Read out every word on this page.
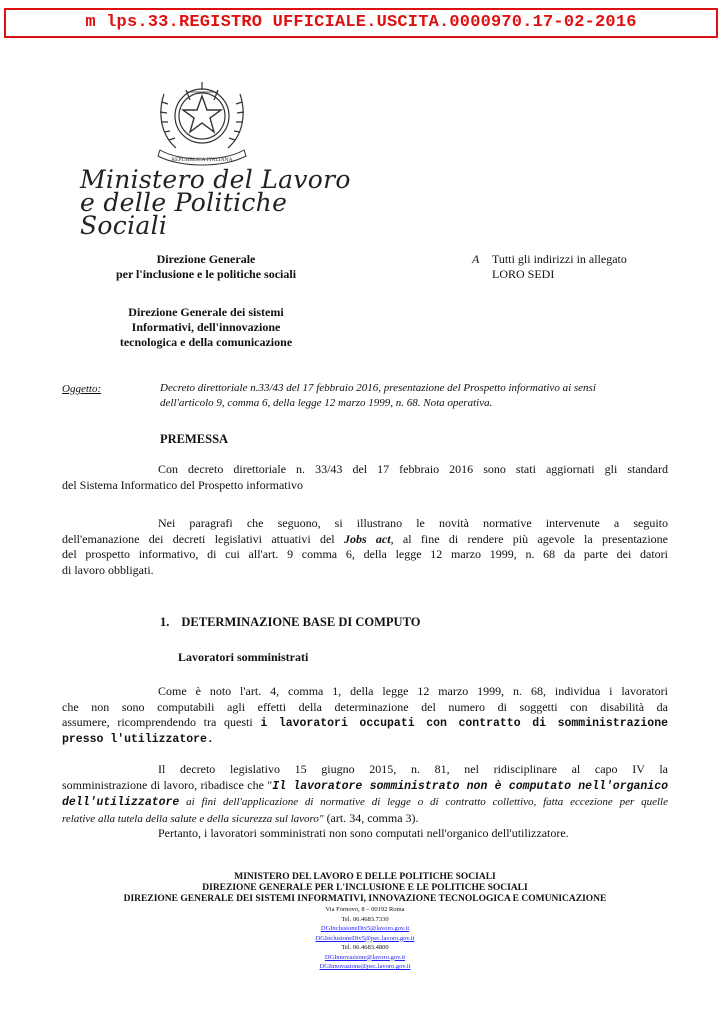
m lps.33.REGISTRO UFFICIALE.USCITA.0000970.17-02-2016
REPUBBLICA ITALIANA
Ministero del Lavoro
e delle Politiche Sociali
Direzione Generale
per l'inclusione e le politiche sociali
Direzione Generale dei sistemi
Informativi, dell'innovazione
tecnologica e della comunicazione
A Tutti gli indirizzi in allegato
LORO SEDI
Oggetto:	Decreto direttoriale n.33/43 del 17 febbraio 2016, presentazione del Prospetto informativo ai sensi
dell'articolo 9, comma 6, della legge 12 marzo 1999, n. 68. Nota operativa.
PREMESSA
Con decreto direttoriale n. 33/43 del 17 febbraio 2016 sono stati aggiornati gli standard
del Sistema Informatico del Prospetto informativo
Nei paragrafi che seguono, si illustrano le novità normative intervenute a seguito
dell'emanazione dei decreti legislativi attuativi del Jobs act, al fine di rendere più agevole la presentazione
del prospetto informativo, di cui all'art. 9 comma 6, della legge 12 marzo 1999, n. 68 da parte dei datori
di lavoro obbligati.
1. DETERMINAZIONE BASE DI COMPUTO
Lavoratori somministrati
Come è noto l'art. 4, comma 1, della legge 12 marzo 1999, n. 68, individua i lavoratori
che non sono computabili agli effetti della determinazione del numero di soggetti con disabilità da
assumere, ricomprendendo tra questi i lavoratori occupati con contratto di somministrazione
presso l'utilizzatore.
Il decreto legislativo 15 giugno 2015, n. 81, nel ridisciplinare al capo IV la
somministrazione di lavoro, ribadisce che "Il lavoratore somministrato non è computato nell'organico
dell'utilizzatore ai fini dell'applicazione di normative di legge o di contratto collettivo, fatta eccezione per quelle
relative alla tutela della salute e della sicurezza sul lavoro" (art. 34, comma 3).
Pertanto, i lavoratori somministrati non sono computati nell'organico dell'utilizzatore.
MINISTERO DEL LAVORO E DELLE POLITICHE SOCIALI
DIREZIONE GENERALE PER L'INCLUSIONE E LE POLITICHE SOCIALI
DIREZIONE GENERALE DEI SISTEMI INFORMATIVI, INNOVAZIONE TECNOLOGICA E COMUNICAZIONE
Via Fornovo, 8 – 00192 Roma
Tel. 06.4683.7330
DGInclusioneDiv5@lavoro.gov.it
DGInclusioneDiv5@pec.lavoro.gov.it
Tel. 06.4683.4800
DGInnovazione@lavoro.gov.it
DGInnovazione@pec.lavoro.gov.it
